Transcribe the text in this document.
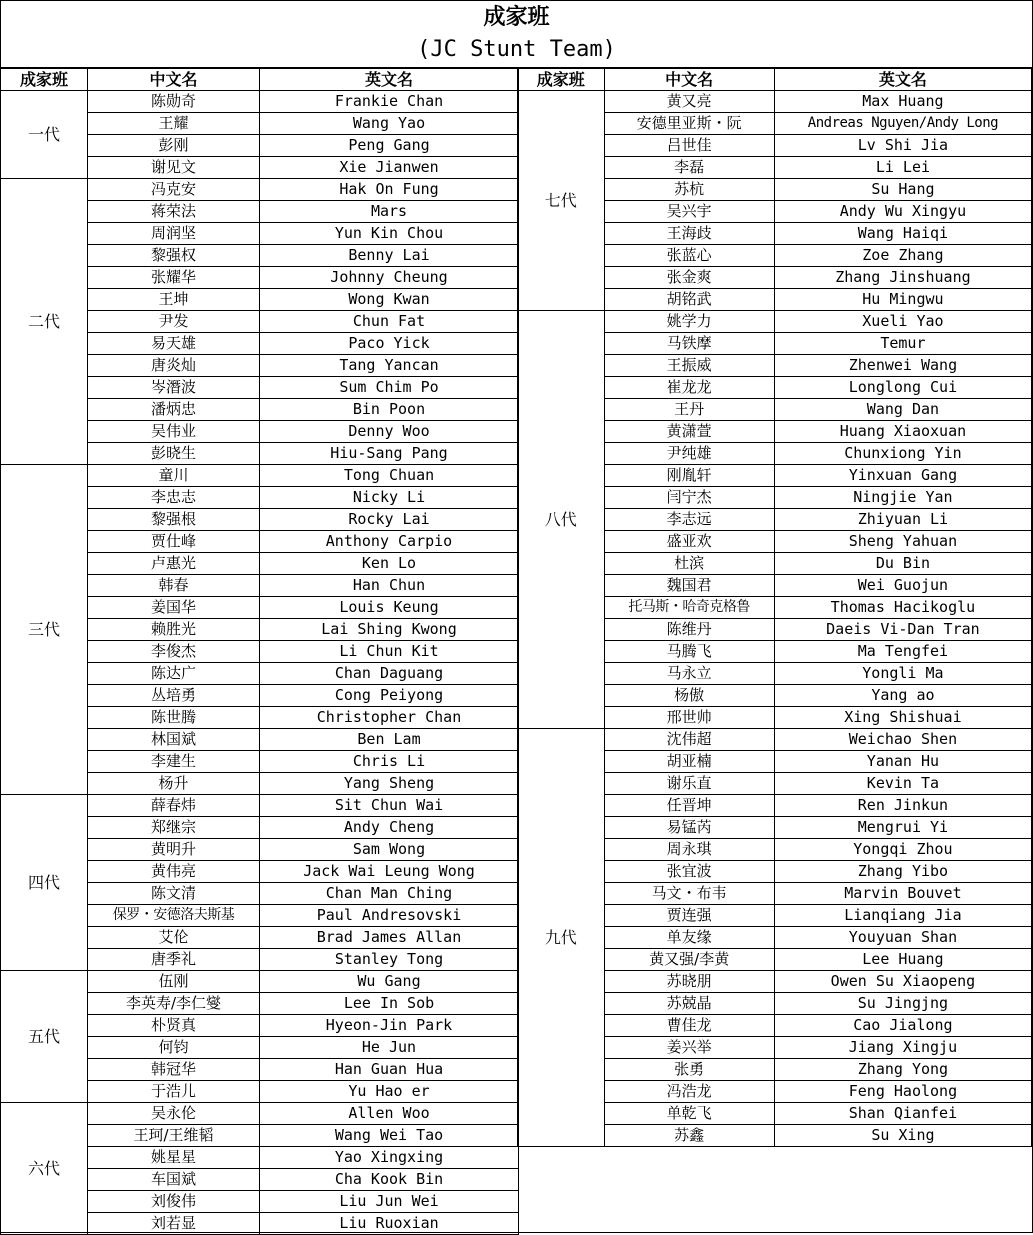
成家班
(JC Stunt Team)
成家班	中文名	英文名
一代	陈勋奇	Frankie Chan
	王耀	Wang Yao
	彭刚	Peng Gang
	谢见文	Xie Jianwen
二代	冯克安	Hak On Fung
	蒋荣法	Mars
	周润坚	Yun Kin Chou
	黎强权	Benny Lai
	张耀华	Johnny Cheung
	王坤	Wong Kwan
	尹发	Chun Fat
	易天雄	Paco Yick
	唐炎灿	Tang Yancan
	岑潛波	Sum Chim Po
	潘炳忠	Bin Poon
	吴伟业	Denny Woo
	彭晓生	Hiu-Sang Pang
三代	童川	Tong Chuan
	李忠志	Nicky Li
	黎强根	Rocky Lai
	贾仕峰	Anthony Carpio
	卢惠光	Ken Lo
	韩春	Han Chun
	姜国华	Louis Keung
	赖胜光	Lai Shing Kwong
	李俊杰	Li Chun Kit
	陈达广	Chan Daguang
	丛培勇	Cong Peiyong
	陈世腾	Christopher Chan
	林国斌	Ben Lam
	李建生	Chris Li
	杨升	Yang Sheng
四代	薛春炜	Sit Chun Wai
	郑继宗	Andy Cheng
	黄明升	Sam Wong
	黄伟亮	Jack Wai Leung Wong
	陈文清	Chan Man Ching
	保罗・安德洛夫斯基	Paul Andresovski
	艾伦	Brad James Allan
	唐季礼	Stanley Tong
五代	伍刚	Wu Gang
	李英寿/李仁燮	Lee In Sob
	朴贤真	Hyeon-Jin Park
	何钧	He Jun
	韩冠华	Han Guan Hua
	于浩儿	Yu Hao er
六代	吴永伦	Allen Woo
	王珂/王维韬	Wang Wei Tao
	姚星星	Yao Xingxing
	车国斌	Cha Kook Bin
	刘俊伟	Liu Jun Wei
	刘若显	Liu Ruoxian
成家班	中文名	英文名
七代	黄又亮	Max Huang
	安德里亚斯・阮	Andreas Nguyen/Andy Long
	吕世佳	Lv Shi Jia
	李磊	Li Lei
	苏杭	Su Hang
	吴兴宇	Andy Wu Xingyu
	王海歧	Wang Haiqi
	张蓝心	Zoe Zhang
	张金爽	Zhang Jinshuang
	胡铭武	Hu Mingwu
八代	姚学力	Xueli Yao
	马铁摩	Temur
	王振威	Zhenwei Wang
	崔龙龙	Longlong Cui
	王丹	Wang Dan
	黄潇萱	Huang Xiaoxuan
	尹纯雄	Chunxiong Yin
	刚胤轩	Yinxuan Gang
	闫宁杰	Ningjie Yan
	李志远	Zhiyuan Li
	盛亚欢	Sheng Yahuan
	杜滨	Du Bin
	魏国君	Wei Guojun
	托马斯・哈奇克格鲁	Thomas Hacikoglu
	陈维丹	Daeis Vi-Dan Tran
	马腾飞	Ma Tengfei
	马永立	Yongli Ma
	杨傲	Yang ao
	邢世帅	Xing Shishuai
九代	沈伟超	Weichao Shen
	胡亚楠	Yanan Hu
	谢乐直	Kevin Ta
	任晋坤	Ren Jinkun
	易锰芮	Mengrui Yi
	周永琪	Yongqi Zhou
	张宜波	Zhang Yibo
	马文・布韦	Marvin Bouvet
	贾连强	Lianqiang Jia
	单友缘	Youyuan Shan
	黄又强/李黄	Lee Huang
	苏晓朋	Owen Su Xiaopeng
	苏兢晶	Su Jingjng
	曹佳龙	Cao Jialong
	姜兴举	Jiang Xingju
	张勇	Zhang Yong
	冯浩龙	Feng Haolong
	单乾飞	Shan Qianfei
	苏鑫	Su Xing
